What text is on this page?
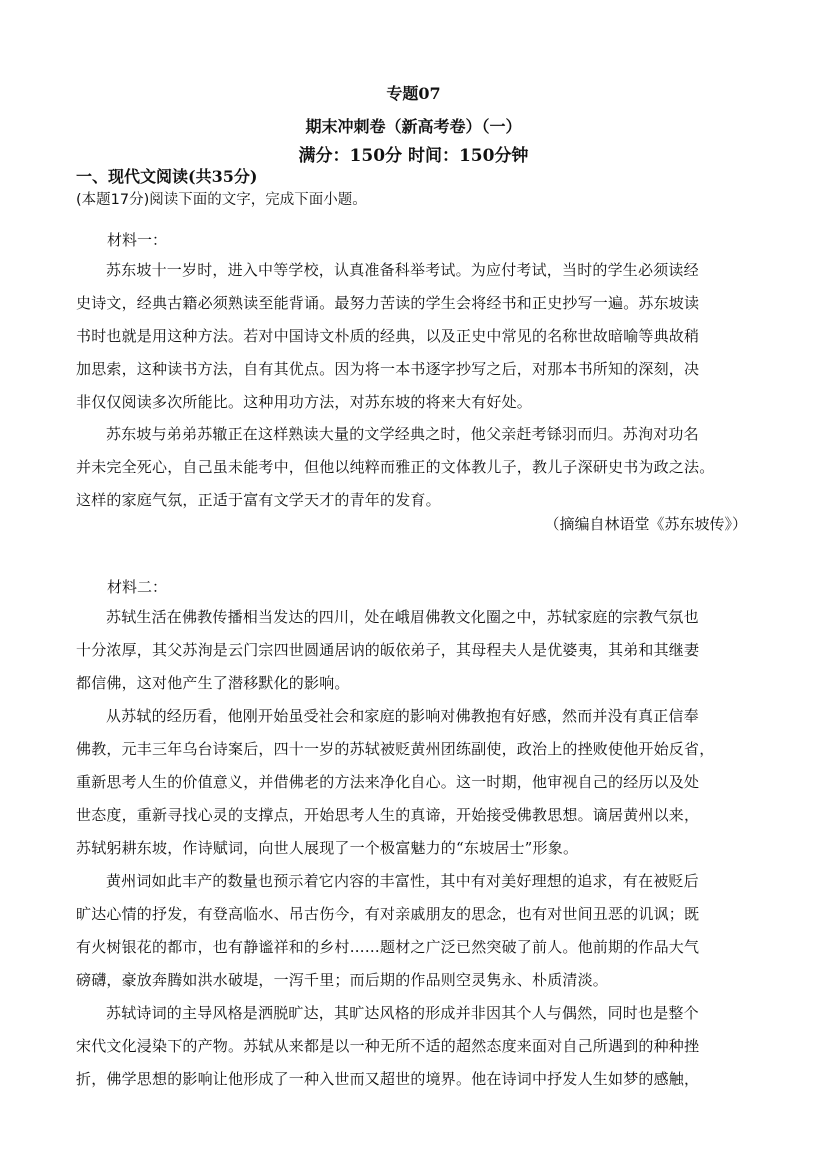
专题07
期末冲刺卷（新高考卷）（一）
满分：150分 时间：150分钟
一、现代文阅读(共35分)
(本题17分)阅读下面的文字，完成下面小题。
材料一：
苏东坡十一岁时，进入中等学校，认真准备科举考试。为应付考试，当时的学生必须读经
史诗文，经典古籍必须熟读至能背诵。最努力苦读的学生会将经书和正史抄写一遍。苏东坡读
书时也就是用这种方法。若对中国诗文朴质的经典，以及正史中常见的名称世故暗喻等典故稍
加思索，这种读书方法，自有其优点。因为将一本书逐字抄写之后，对那本书所知的深刻，决
非仅仅阅读多次所能比。这种用功方法，对苏东坡的将来大有好处。
苏东坡与弟弟苏辙正在这样熟读大量的文学经典之时，他父亲赶考铩羽而归。苏洵对功名
并未完全死心，自己虽未能考中，但他以纯粹而雅正的文体教儿子，教儿子深研史书为政之法。
这样的家庭气氛，正适于富有文学天才的青年的发育。
（摘编自林语堂《苏东坡传》）
材料二：
苏轼生活在佛教传播相当发达的四川，处在峨眉佛教文化圈之中，苏轼家庭的宗教气氛也
十分浓厚，其父苏洵是云门宗四世圆通居讷的皈依弟子，其母程夫人是优婆夷，其弟和其继妻
都信佛，这对他产生了潜移默化的影响。
从苏轼的经历看，他刚开始虽受社会和家庭的影响对佛教抱有好感，然而并没有真正信奉
佛教，元丰三年乌台诗案后，四十一岁的苏轼被贬黄州团练副使，政治上的挫败使他开始反省，
重新思考人生的价值意义，并借佛老的方法来净化自心。这一时期，他审视自己的经历以及处
世态度，重新寻找心灵的支撑点，开始思考人生的真谛，开始接受佛教思想。谪居黄州以来，
苏轼躬耕东坡，作诗赋词，向世人展现了一个极富魅力的“东坡居士”形象。
黄州词如此丰产的数量也预示着它内容的丰富性，其中有对美好理想的追求，有在被贬后
旷达心情的抒发，有登高临水、吊古伤今，有对亲戚朋友的思念，也有对世间丑恶的讥讽；既
有火树银花的都市，也有静谧祥和的乡村……题材之广泛已然突破了前人。他前期的作品大气
磅礴，豪放奔腾如洪水破堤，一泻千里；而后期的作品则空灵隽永、朴质清淡。
苏轼诗词的主导风格是洒脱旷达，其旷达风格的形成并非因其个人与偶然，同时也是整个
宋代文化浸染下的产物。苏轼从来都是以一种无所不适的超然态度来面对自己所遇到的种种挫
折，佛学思想的影响让他形成了一种入世而又超世的境界。他在诗词中抒发人生如梦的感触，
